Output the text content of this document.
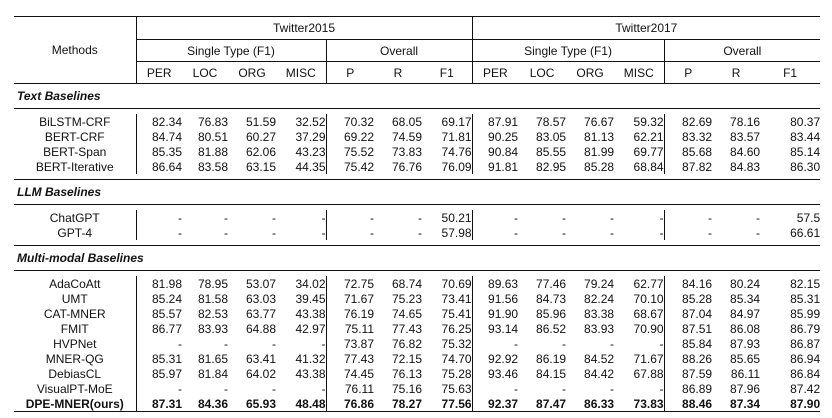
Methods	Twitter2015							Twitter2017						
	Single Type (F1)				Overall			Single Type (F1)				Overall		
	PER	LOC	ORG	MISC	P	R	F1	PER	LOC	ORG	MISC	P	R	F1
Text Baselines														

BiLSTM-CRF	82.34	76.83	51.59	32.52	70.32	68.05	69.17	87.91	78.57	76.67	59.32	82.69	78.16	80.37
BERT-CRF	84.74	80.51	60.27	37.29	69.22	74.59	71.81	90.25	83.05	81.13	62.21	83.32	83.57	83.44
BERT-Span	85.35	81.88	62.06	43.23	75.52	73.83	74.76	90.84	85.55	81.99	69.77	85.68	84.60	85.14
BERT-Iterative	86.64	83.58	63.15	44.35	75.42	76.76	76.09	91.81	82.95	85.28	68.84	87.82	84.83	86.30

LLM Baselines														

ChatGPT	-	-	-	-	-	-	50.21	-	-	-	-	-	-	57.5
GPT-4	-	-	-	-	-	-	57.98	-	-	-	-	-	-	66.61

Multi-modal Baselines														

AdaCoAtt	81.98	78.95	53.07	34.02	72.75	68.74	70.69	89.63	77.46	79.24	62.77	84.16	80.24	82.15
UMT	85.24	81.58	63.03	39.45	71.67	75.23	73.41	91.56	84.73	82.24	70.10	85.28	85.34	85.31
CAT-MNER	85.57	82.53	63.77	43.38	76.19	74.65	75.41	91.90	85.96	83.38	68.67	87.04	84.97	85.99
FMIT	86.77	83.93	64.88	42.97	75.11	77.43	76.25	93.14	86.52	83.93	70.90	87.51	86.08	86.79
HVPNet	-	-	-	-	73.87	76.82	75.32	-	-	-	-	85.84	87.93	86.87
MNER-QG	85.31	81.65	63.41	41.32	77.43	72.15	74.70	92.92	86.19	84.52	71.67	88.26	85.65	86.94
DebiasCL	85.97	81.84	64.02	43.38	74.45	76.13	75.28	93.46	84.15	84.42	67.88	87.59	86.11	86.84
VisualPT-MoE	-	-	-	-	76.11	75.16	75.63	-	-	-	-	86.89	87.96	87.42
DPE-MNER(ours)	87.31	84.36	65.93	48.48	76.86	78.27	77.56	92.37	87.47	86.33	73.83	88.46	87.34	87.90
